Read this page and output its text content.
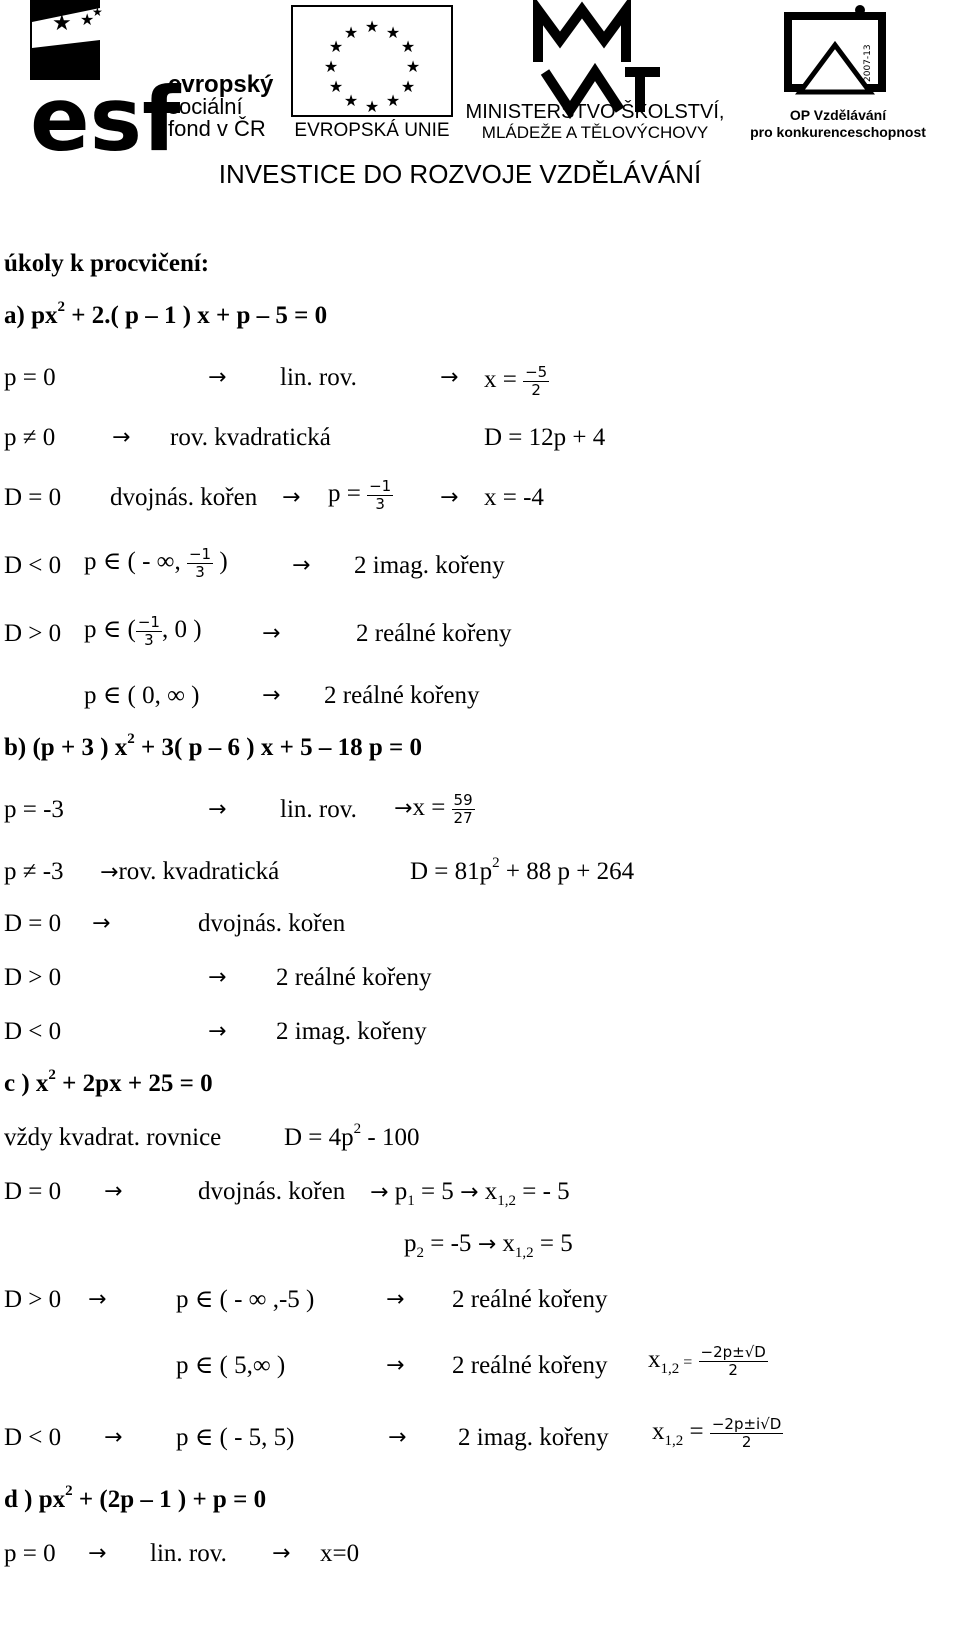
★ ★
★
esf
evropský
sociální
fond v ČR
★ ★
★
★
★
★
★
★
★
★
★
★
EVROPSKÁ UNIE
MINISTERSTVO ŠKOLSTVÍ,
MLÁDEŽE A TĚLOVÝCHOVY
2007-13
OP Vzdělávání
pro konkurenceschopnost
INVESTICE DO ROZVOJE VZDĚLÁVÁNÍ
úkoly k procvičení:
a) $px^2 + 2$.( p – 1 ) x + p – 5 = 0
p = 0	→ lin. rov.	→ $x = \frac{-5}{2}$
p ≠ 0	→ rov. kvadratická	D = 12p + 4
D = 0 dvojnás. kořen → $p = \frac{-1}{3} \to x = -4$
D < 0 p ∈ ( - ∞, $\frac{-1}{3}$ )	→ 2 imag. kořeny
D > 0 p ∈ ( $\frac{-1}{3}$ , 0 )	→	2 reálné kořeny
p ∈ ( 0, ∞ )	→ 2 reálné kořeny
b) (p + 3 ) $x^2 + 3$( p – 6 ) x + 5 – 18 p = 0
p = -3	→ lin. rov. $\to x = \frac{59}{27}$
p ≠ -3 →rov. kvadratická	$D = 81p^2 + 88$ p + 264
D = 0 →	dvojnás. kořen
D > 0	→ 2 reálné kořeny
D < 0	→ 2 imag. kořeny
c ) $x^2 + 2px + 25 = 0$
vždy kvadrat. rovnice	$D = 4p^2 - 100$
D = 0 →	dvojnás. kořen → $p_1 = 5 \to x_{1,2}$ = - 5
$p_2 = -5 \to x_{1,2} = 5$
D > 0 →	p ∈ ( - ∞ ,-5 )	→ 2 reálné kořeny
p ∈ ( 5,∞ )	→ 2 reálné kořeny $x_{1,2} = \frac{-2p\pm√D}{2}$
D < 0 → p ∈ ( - 5, 5)	→ 2 imag. kořeny $x_{1,2} = \frac{-2p\pm i√D}{2}$
d ) $px^2 + (2p - 1$ ) + p = 0
p = 0 → lin. rov. → x=0
